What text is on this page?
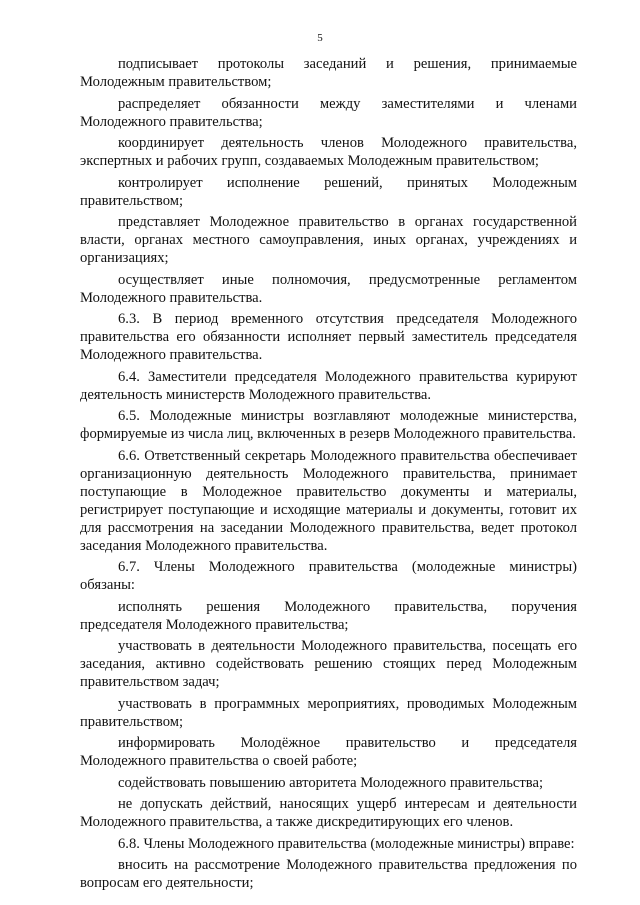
5

подписывает протоколы заседаний и решения, принимаемые Молодежным правительством;

распределяет обязанности между заместителями и членами Молодежного правительства;

координирует деятельность членов Молодежного правительства, экспертных и рабочих групп, создаваемых Молодежным правительством;

контролирует исполнение решений, принятых Молодежным правительством;

представляет Молодежное правительство в органах государственной власти, органах местного самоуправления, иных органах, учреждениях и организациях;

осуществляет иные полномочия, предусмотренные регламентом Молодежного правительства.

6.3. В период временного отсутствия председателя Молодежного правительства его обязанности исполняет первый заместитель председателя Молодежного правительства.

6.4. Заместители председателя Молодежного правительства курируют деятельность министерств Молодежного правительства.

6.5. Молодежные министры возглавляют молодежные министерства, формируемые из числа лиц, включенных в резерв Молодежного правительства.

6.6. Ответственный секретарь Молодежного правительства обеспечивает организационную деятельность Молодежного правительства, принимает поступающие в Молодежное правительство документы и материалы, регистрирует поступающие и исходящие материалы и документы, готовит их для рассмотрения на заседании Молодежного правительства, ведет протокол заседания Молодежного правительства.

6.7. Члены Молодежного правительства (молодежные министры) обязаны:

исполнять решения Молодежного правительства, поручения председателя Молодежного правительства;

участвовать в деятельности Молодежного правительства, посещать его заседания, активно содействовать решению стоящих перед Молодежным правительством задач;

участвовать в программных мероприятиях, проводимых Молодежным правительством;

информировать Молодёжное правительство и председателя Молодежного правительства о своей работе;

содействовать повышению авторитета Молодежного правительства;

не допускать действий, наносящих ущерб интересам и деятельности Молодежного правительства, а также дискредитирующих его членов.

6.8. Члены Молодежного правительства (молодежные министры) вправе:

вносить на рассмотрение Молодежного правительства предложения по вопросам его деятельности;
